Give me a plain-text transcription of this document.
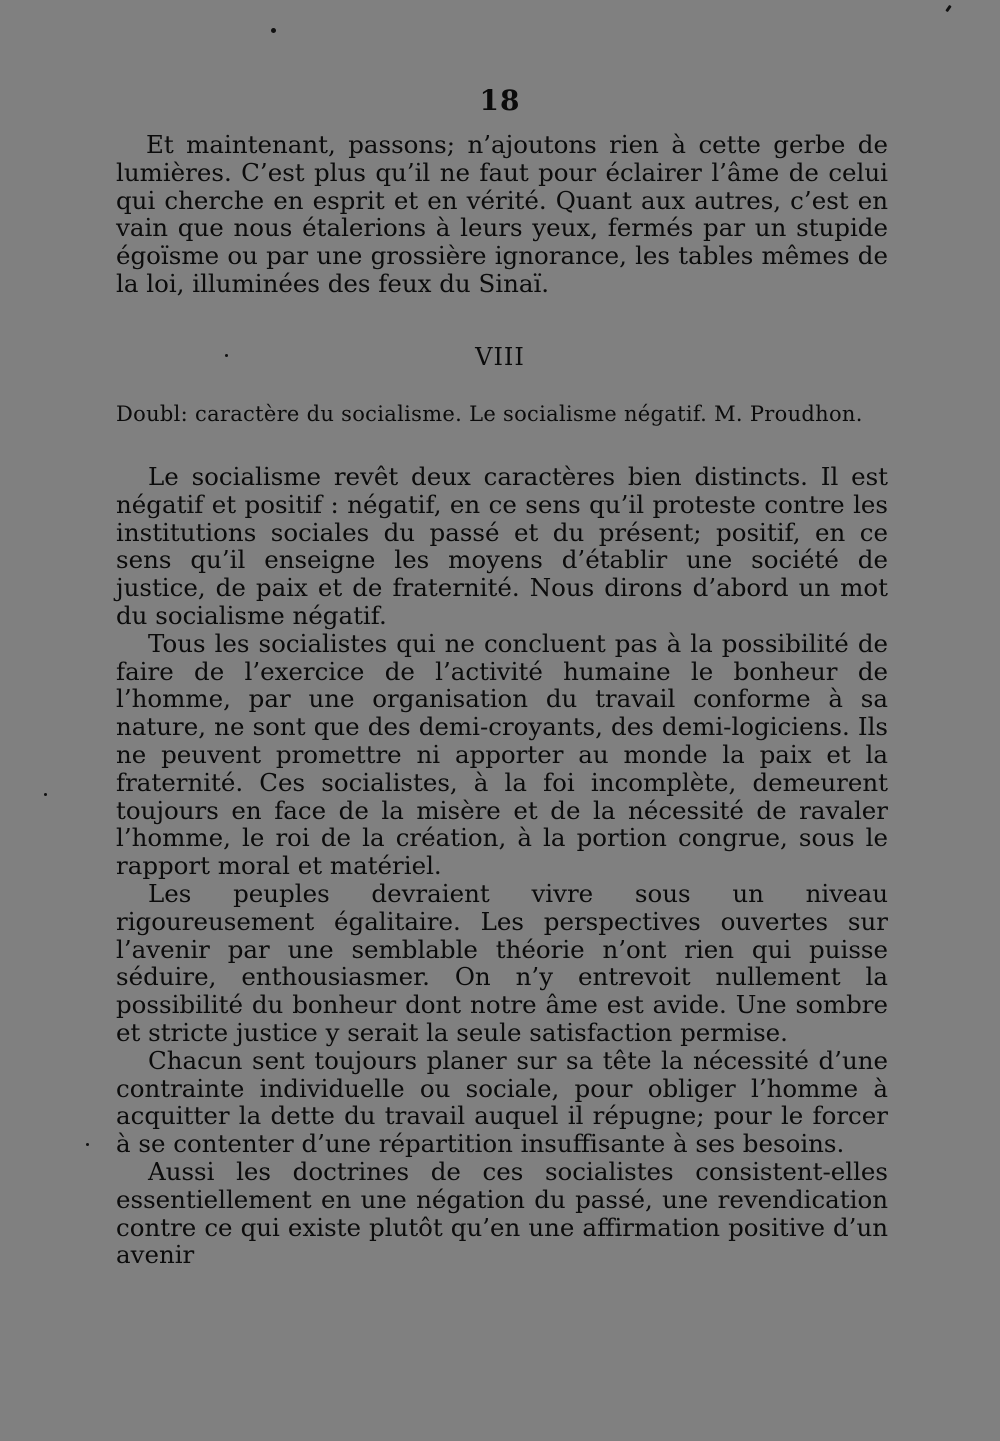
18

Et maintenant, passons; n’ajoutons rien à cette gerbe de lumières. C’est plus qu’il ne faut pour éclairer l’âme de celui qui cherche en esprit et en vérité. Quant aux autres, c’est en vain que nous étalerions à leurs yeux, fermés par un stupide égoïsme ou par une grossière ignorance, les tables mêmes de la loi, illuminées des feux du Sinaï.

VIII
Doubl: caractère du socialisme. Le socialisme négatif. M. Proudhon.

Le socialisme revêt deux caractères bien distincts. Il est négatif et positif : négatif, en ce sens qu’il proteste contre les institutions sociales du passé et du présent; positif, en ce sens qu’il enseigne les moyens d’établir une société de justice, de paix et de fraternité. Nous dirons d’abord un mot du socialisme négatif.

Tous les socialistes qui ne concluent pas à la possibilité de faire de l’exercice de l’activité humaine le bonheur de l’homme, par une organisation du travail conforme à sa nature, ne sont que des demi-croyants, des demi-logiciens. Ils ne peuvent promettre ni apporter au monde la paix et la fraternité. Ces socialistes, à la foi incomplète, demeurent toujours en face de la misère et de la nécessité de ravaler l’homme, le roi de la création, à la portion congrue, sous le rapport moral et matériel.

Les peuples devraient vivre sous un niveau rigoureusement égalitaire. Les perspectives ouvertes sur l’avenir par une semblable théorie n’ont rien qui puisse séduire, enthousiasmer. On n’y entrevoit nullement la possibilité du bonheur dont notre âme est avide. Une sombre et stricte justice y serait la seule satisfaction permise.

Chacun sent toujours planer sur sa tête la nécessité d’une contrainte individuelle ou sociale, pour obliger l’homme à acquitter la dette du travail auquel il répugne; pour le forcer à se contenter d’une répartition insuffisante à ses besoins.

Aussi les doctrines de ces socialistes consistent-elles essentiellement en une négation du passé, une revendication contre ce qui existe plutôt qu’en une affirmation positive d’un avenir
